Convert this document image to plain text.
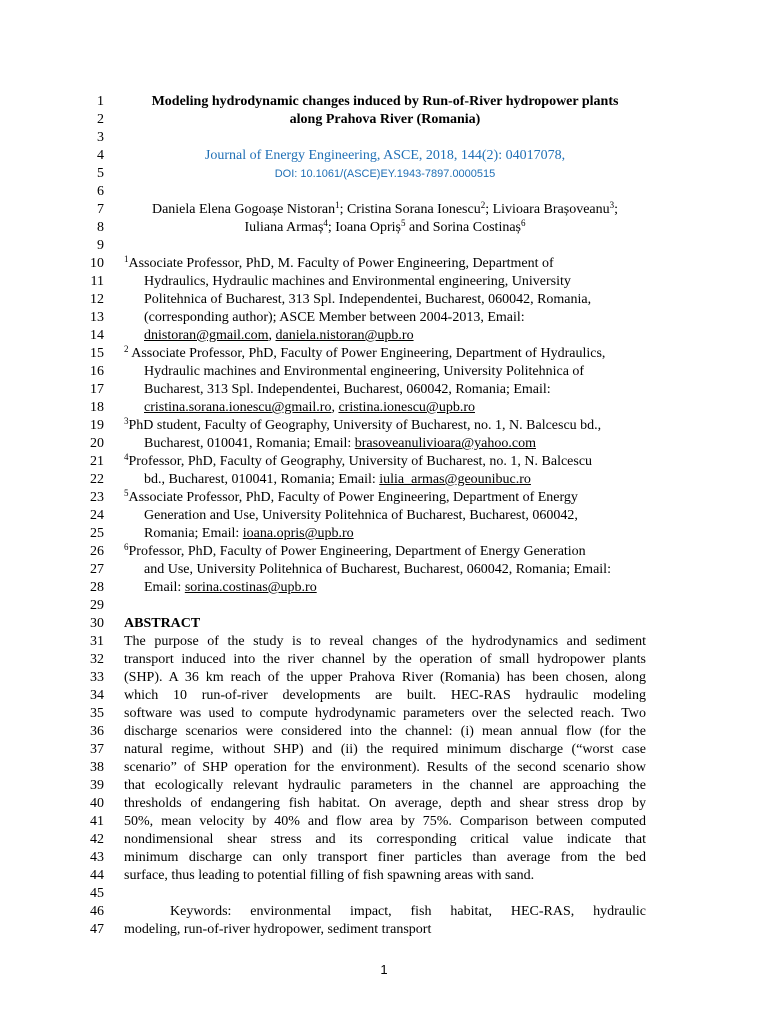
1
2
3
4
5
6
7
8
9
10
11
12
13
14
15
16
17
18
19
20
21
22
23
24
25
26
27
28
29
30
31
32
33
34
35
36
37
38
39
40
41
42
43
44
45
46
47
Modeling hydrodynamic changes induced by Run-of-River hydropower plants
along Prahova River (Romania)
Journal of Energy Engineering, ASCE, 2018, 144(2): 04017078,
DOI: 10.1061/(ASCE)EY.1943-7897.0000515
Daniela Elena Gogoașe Nistoran$^1$; Cristina Sorana Ionescu$^2$; Livioara Brașoveanu$^3$;
Iuliana Armaș$^4$; Ioana Opriș$^5$ and Sorina Costinaș$^6$
$^1$Associate Professor, PhD, M. Faculty of Power Engineering, Department of
Hydraulics, Hydraulic machines and Environmental engineering, University
Politehnica of Bucharest, 313 Spl. Independentei, Bucharest, 060042, Romania,
(corresponding author); ASCE Member between 2004-2013, Email:
dnistoran@gmail.com, daniela.nistoran@upb.ro
$^2$ Associate Professor, PhD, Faculty of Power Engineering, Department of Hydraulics,
Hydraulic machines and Environmental engineering, University Politehnica of
Bucharest, 313 Spl. Independentei, Bucharest, 060042, Romania; Email:
cristina.sorana.ionescu@gmail.ro, cristina.ionescu@upb.ro
$^3$PhD student, Faculty of Geography, University of Bucharest, no. 1, N. Balcescu bd.,
Bucharest, 010041, Romania; Email: brasoveanulivioara@yahoo.com
$^4$Professor, PhD, Faculty of Geography, University of Bucharest, no. 1, N. Balcescu
bd., Bucharest, 010041, Romania; Email: iulia_armas@geounibuc.ro
$^5$Associate Professor, PhD, Faculty of Power Engineering, Department of Energy
Generation and Use, University Politehnica of Bucharest, Bucharest, 060042,
Romania; Email: ioana.opris@upb.ro
$^6$Professor, PhD, Faculty of Power Engineering, Department of Energy Generation
and Use, University Politehnica of Bucharest, Bucharest, 060042, Romania; Email:
Email: sorina.costinas@upb.ro
ABSTRACT
The purpose of the study is to reveal changes of the hydrodynamics and sediment
transport induced into the river channel by the operation of small hydropower plants
(SHP). A 36 km reach of the upper Prahova River (Romania) has been chosen, along
which 10 run-of-river developments are built. HEC-RAS hydraulic modeling
software was used to compute hydrodynamic parameters over the selected reach. Two
discharge scenarios were considered into the channel: (i) mean annual flow (for the
natural regime, without SHP) and (ii) the required minimum discharge (“worst case
scenario” of SHP operation for the environment). Results of the second scenario show
that ecologically relevant hydraulic parameters in the channel are approaching the
thresholds of endangering fish habitat. On average, depth and shear stress drop by
50%, mean velocity by 40% and flow area by 75%. Comparison between computed
nondimensional shear stress and its corresponding critical value indicate that
minimum discharge can only transport finer particles than average from the bed
surface, thus leading to potential filling of fish spawning areas with sand.
Keywords: environmental impact, fish habitat, HEC-RAS, hydraulic
modeling, run-of-river hydropower, sediment transport
1
